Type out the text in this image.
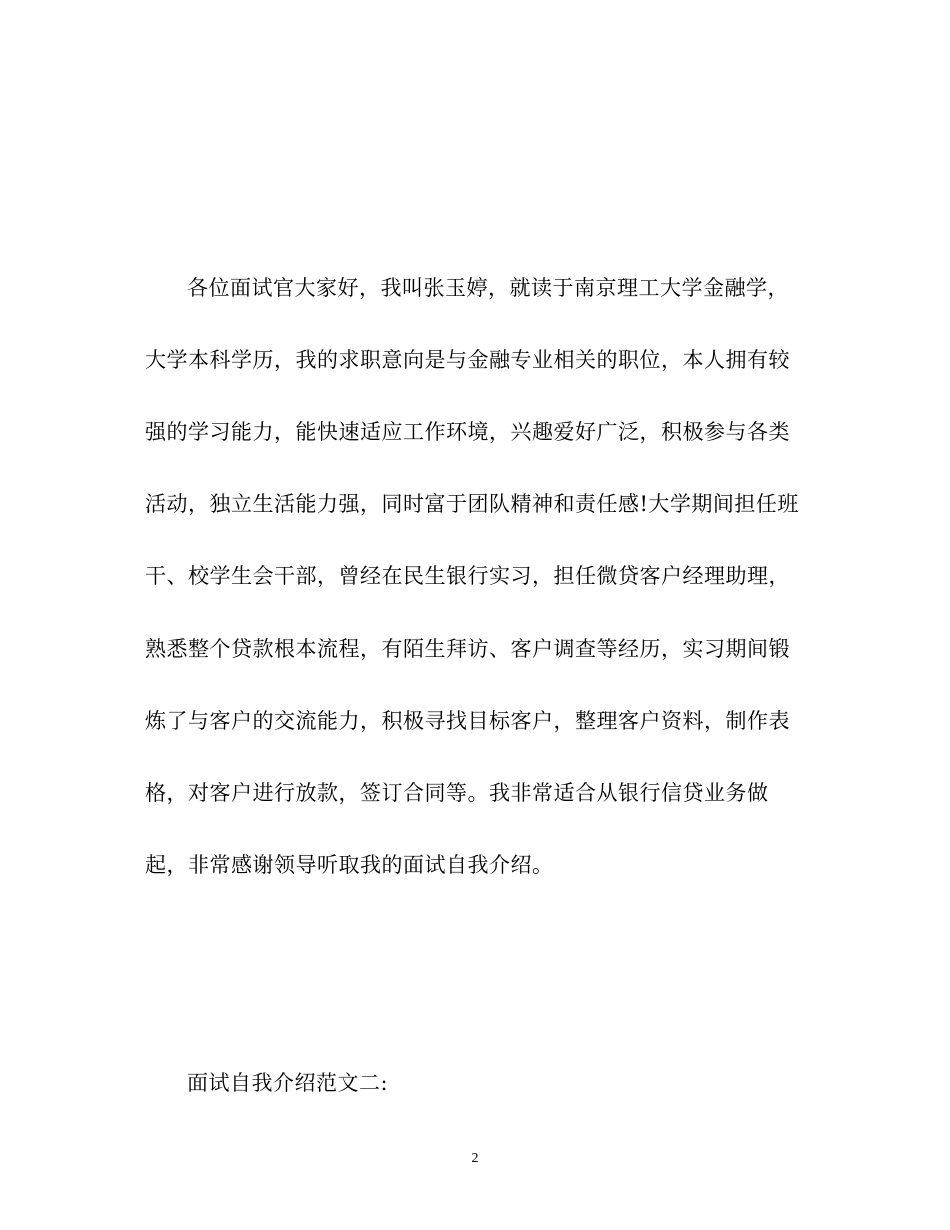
各位面试官大家好，我叫张玉婷，就读于南京理工大学金融学，
大学本科学历，我的求职意向是与金融专业相关的职位，本人拥有较
强的学习能力，能快速适应工作环境，兴趣爱好广泛，积极参与各类
活动，独立生活能力强，同时富于团队精神和责任感!大学期间担任班
干、校学生会干部，曾经在民生银行实习，担任微贷客户经理助理，
熟悉整个贷款根本流程，有陌生拜访、客户调查等经历，实习期间锻
炼了与客户的交流能力，积极寻找目标客户，整理客户资料，制作表
格，对客户进行放款，签订合同等。我非常适合从银行信贷业务做
起，非常感谢领导听取我的面试自我介绍。
面试自我介绍范文二:
2
